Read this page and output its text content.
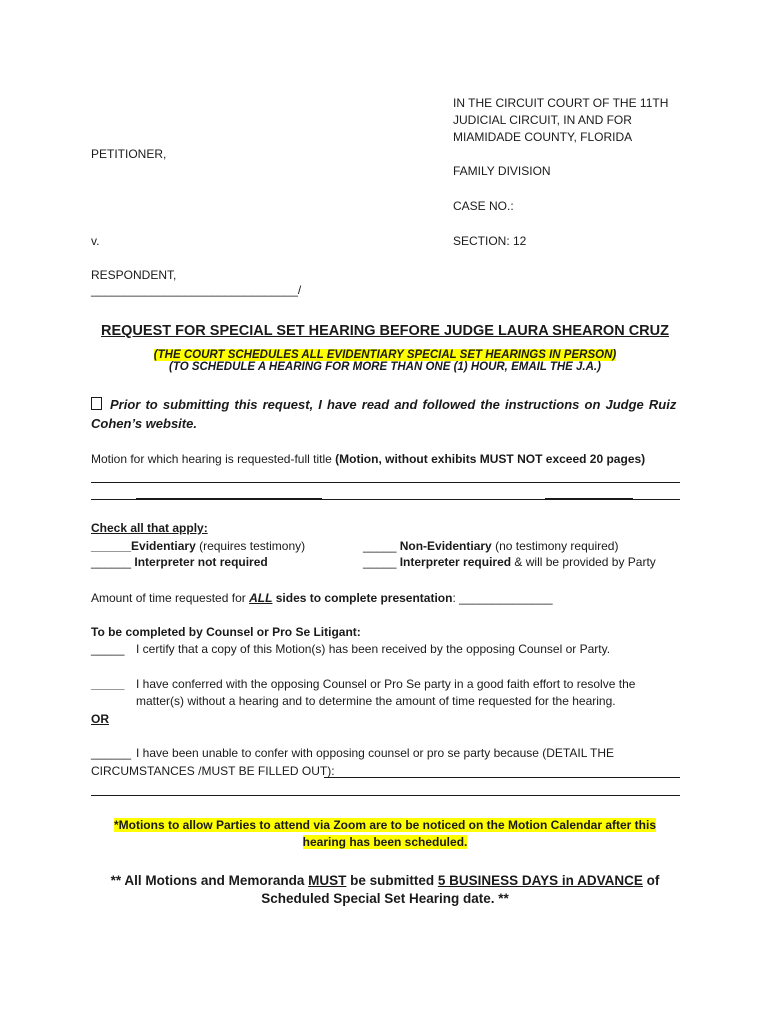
IN THE CIRCUIT COURT OF THE 11TH
JUDICIAL CIRCUIT, IN AND FOR
MIAMIDADE COUNTY, FLORIDA
FAMILY DIVISION
CASE NO.:
SECTION: 12
PETITIONER,
v.
RESPONDENT,
_______________________________/
REQUEST FOR SPECIAL SET HEARING BEFORE JUDGE LAURA SHEARON CRUZ
(THE COURT SCHEDULES ALL EVIDENTIARY SPECIAL SET HEARINGS IN PERSON)
(TO SCHEDULE A HEARING FOR MORE THAN ONE (1) HOUR, EMAIL THE J.A.)
Prior to submitting this request, I have read and followed the instructions on Judge Ruiz
Cohen’s website.
Motion for which hearing is requested-full title (Motion, without exhibits MUST NOT exceed 20 pages)
Check all that apply:
______Evidentiary (requires testimony)
______ Interpreter not required
_____ Non-Evidentiary (no testimony required)
_____ Interpreter required & will be provided by Party
Amount of time requested for ALL sides to complete presentation: ______________
To be completed by Counsel or Pro Se Litigant:
_____ I certify that a copy of this Motion(s) has been received by the opposing Counsel or Party.
_____ I have conferred with the opposing Counsel or Pro Se party in a good faith effort to resolve the
matter(s) without a hearing and to determine the amount of time requested for the hearing.
OR
______ I have been unable to confer with opposing counsel or pro se party because (DETAIL THE
CIRCUMSTANCES /MUST BE FILLED OUT):
*Motions to allow Parties to attend via Zoom are to be noticed on the Motion Calendar after this
hearing has been scheduled.
** All Motions and Memoranda MUST be submitted 5 BUSINESS DAYS in ADVANCE of
Scheduled Special Set Hearing date. **
